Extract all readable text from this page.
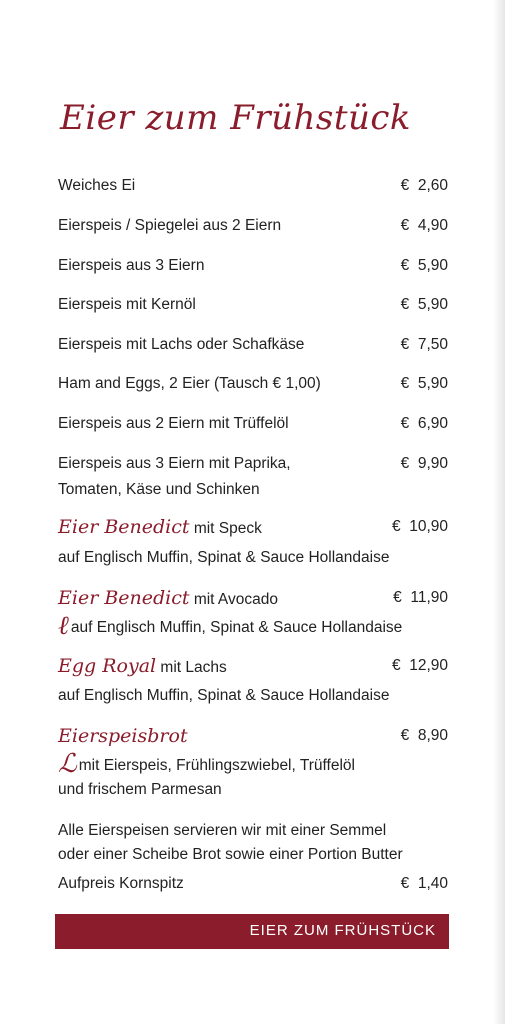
Eier zum Frühstück
Weiches Ei	€  2,60
Eierspeis / Spiegelei aus 2 Eiern	€  4,90
Eierspeis aus 3 Eiern	€  5,90
Eierspeis mit Kernöl	€  5,90
Eierspeis mit Lachs oder Schafkäse	€  7,50
Ham and Eggs, 2 Eier (Tausch € 1,00)	€  5,90
Eierspeis aus 2 Eiern mit Trüffelöl	€  6,90
Eierspeis aus 3 Eiern mit Paprika,	€  9,90
Tomaten, Käse und Schinken
Eier Benedict mit Speck	€  10,90
auf Englisch Muffin, Spinat & Sauce Hollandaise
Eier Benedict mit Avocado	€  11,90
ℓauf Englisch Muffin, Spinat & Sauce Hollandaise
Egg Royal mit Lachs	€  12,90
auf Englisch Muffin, Spinat & Sauce Hollandaise
Eierspeisbrot	€  8,90
ℒmit Eierspeis, Frühlingszwiebel, Trüffelöl
und frischem Parmesan
Alle Eierspeisen servieren wir mit einer Semmel
oder einer Scheibe Brot sowie einer Portion Butter
Aufpreis Kornspitz	€  1,40
EIER ZUM FRÜHSTÜCK
